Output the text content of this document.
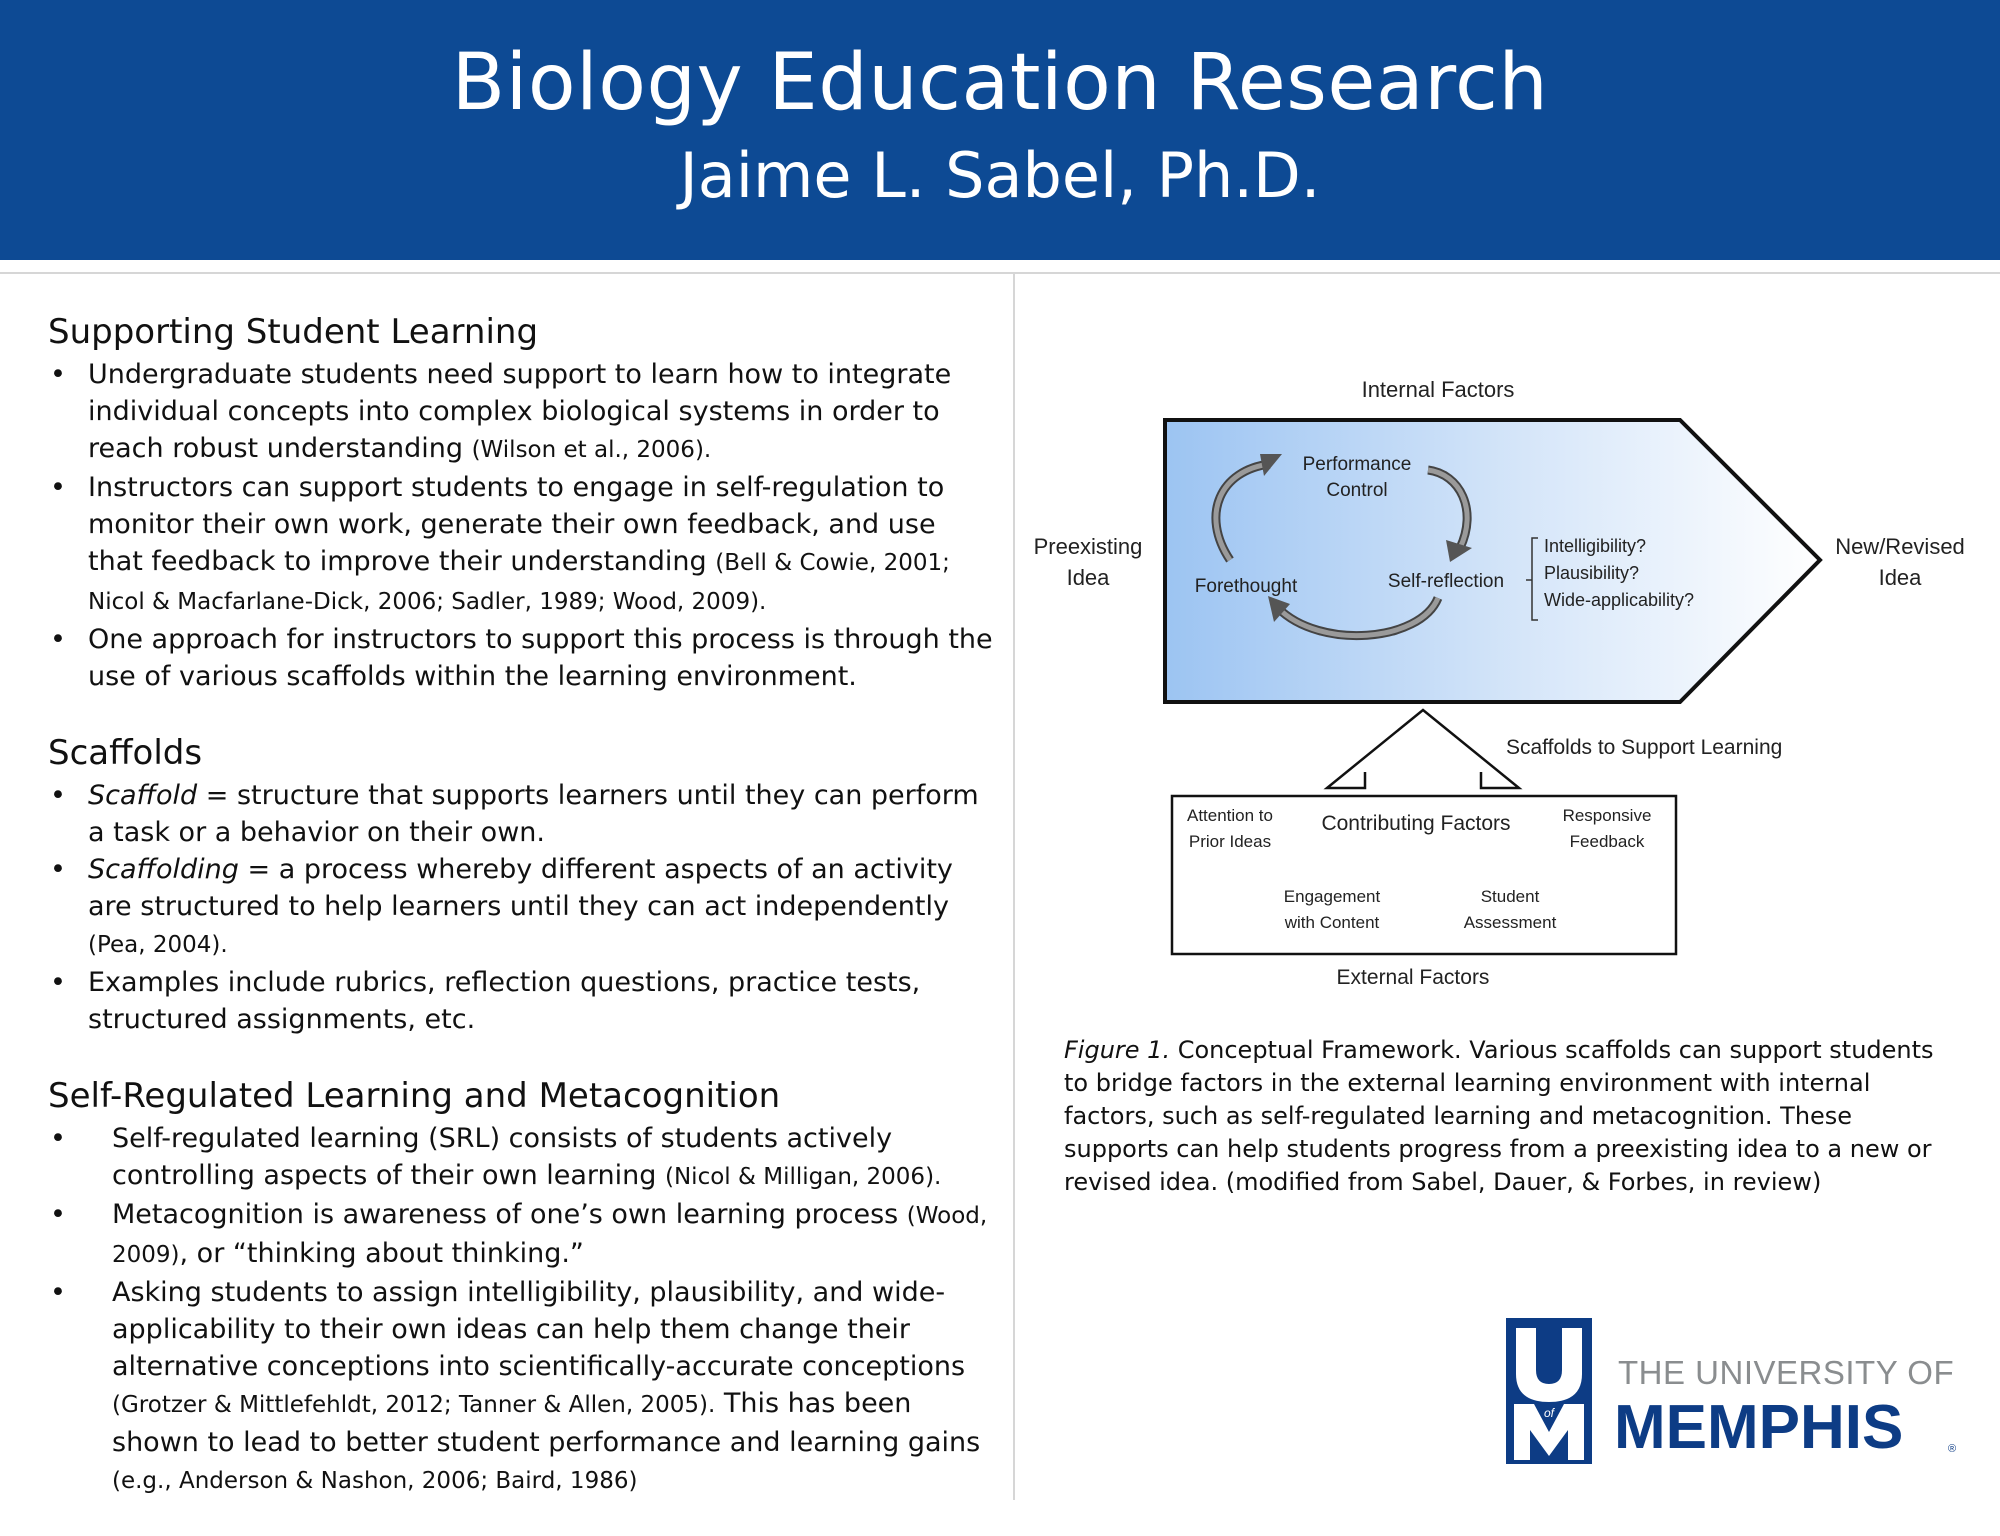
Biology Education Research
Jaime L. Sabel, Ph.D.
Supporting Student Learning
• Undergraduate students need support to learn how to integrate individual concepts into complex biological systems in order to reach robust understanding (Wilson et al., 2006).
• Instructors can support students to engage in self-regulation to monitor their own work, generate their own feedback, and use that feedback to improve their understanding (Bell & Cowie, 2001; Nicol & Macfarlane-Dick, 2006; Sadler, 1989; Wood, 2009).
• One approach for instructors to support this process is through the use of various scaffolds within the learning environment.
Scaffolds
• Scaffold = structure that supports learners until they can perform a task or a behavior on their own.
• Scaffolding = a process whereby different aspects of an activity are structured to help learners until they can act independently (Pea, 2004).
• Examples include rubrics, reflection questions, practice tests, structured assignments, etc.
Self-Regulated Learning and Metacognition
• Self-regulated learning (SRL) consists of students actively controlling aspects of their own learning (Nicol & Milligan, 2006).
• Metacognition is awareness of one’s own learning process (Wood, 2009), or “thinking about thinking.”
• Asking students to assign intelligibility, plausibility, and wide-applicability to their own ideas can help them change their alternative conceptions into scientifically-accurate conceptions (Grotzer & Mittlefehldt, 2012; Tanner & Allen, 2005). This has been shown to lead to better student performance and learning gains (e.g., Anderson & Nashon, 2006; Baird, 1986)
Internal Factors
Preexisting
Idea
New/Revised
Idea
Performance
Control
Forethought	Self-reflection
Intelligibility?
Plausibility?
Wide-applicability?
Scaffolds to Support Learning
Contributing Factors
Attention to
Prior Ideas
Responsive
Feedback
Engagement
with Content
Student
Assessment
External Factors
Figure 1. Conceptual Framework. Various scaffolds can support students to bridge factors in the external learning environment with internal factors, such as self-regulated learning and metacognition. These supports can help students progress from a preexisting idea to a new or revised idea. (modified from Sabel, Dauer, & Forbes, in review)
of
THE UNIVERSITY OF
MEMPHIS	®
